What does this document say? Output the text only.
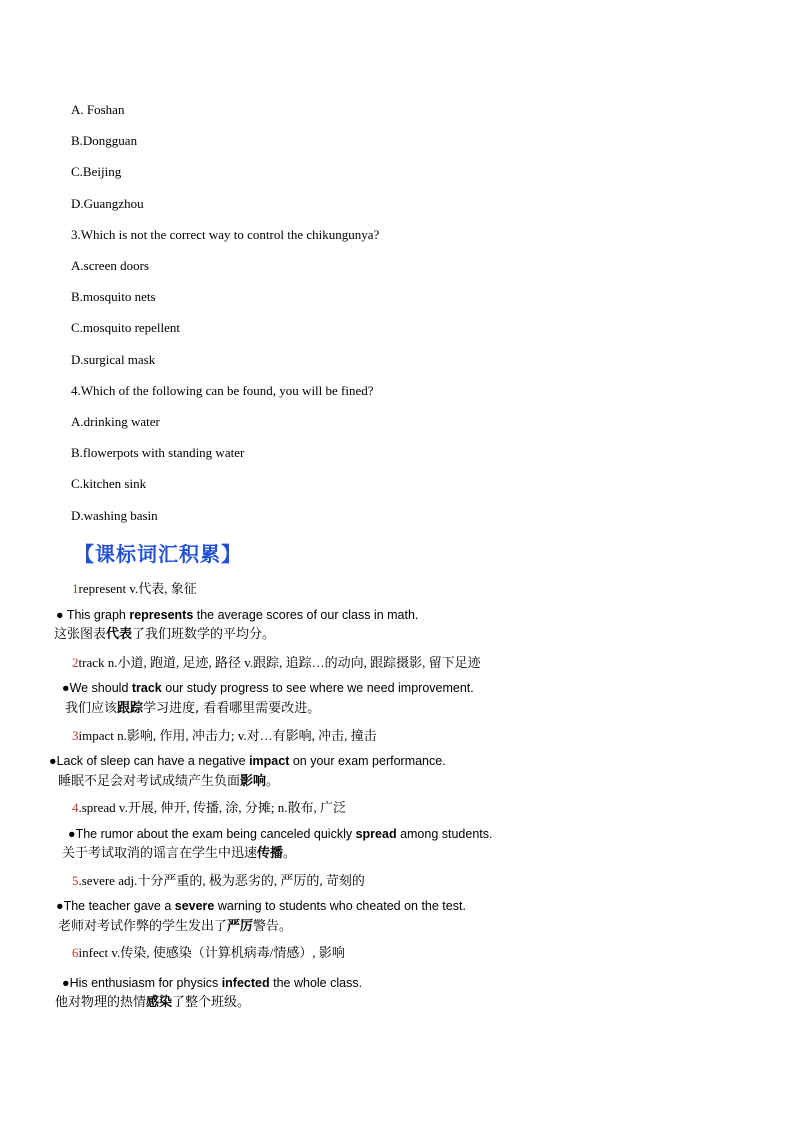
A. Foshan
B.Dongguan
C.Beijing
D.Guangzhou
3.Which is not the correct way to control the chikungunya?
A.screen doors
B.mosquito nets
C.mosquito repellent
D.surgical mask
4.Which of the following can be found, you will be fined?
A.drinking water
B.flowerpots with standing water
C.kitchen sink
D.washing basin
【课标词汇积累】
1represent v.代表, 象征
● This graph represents the average scores of our class in math.
这张图表代表了我们班数学的平均分。
2track n.小道, 跑道, 足迹, 路径 v.跟踪, 追踪…的动向, 跟踪摄影, 留下足迹
●We should track our study progress to see where we need improvement.
我们应该跟踪学习进度, 看看哪里需要改进。
3impact n.影响, 作用, 冲击力; v.对…有影响, 冲击, 撞击
●Lack of sleep can have a negative impact on your exam performance.
睡眠不足会对考试成绩产生负面影响。
4.spread v.开展, 伸开, 传播, 涂, 分摊; n.散布, 广泛
●The rumor about the exam being canceled quickly spread among students.
关于考试取消的谣言在学生中迅速传播。
5.severe adj.十分严重的, 极为恶劣的, 严厉的, 苛刻的
●The teacher gave a severe warning to students who cheated on the test.
老师对考试作弊的学生发出了严厉警告。
6infect v.传染, 使感染（计算机病毒/情感）, 影响
●His enthusiasm for physics infected the whole class.
他对物理的热情感染了整个班级。
